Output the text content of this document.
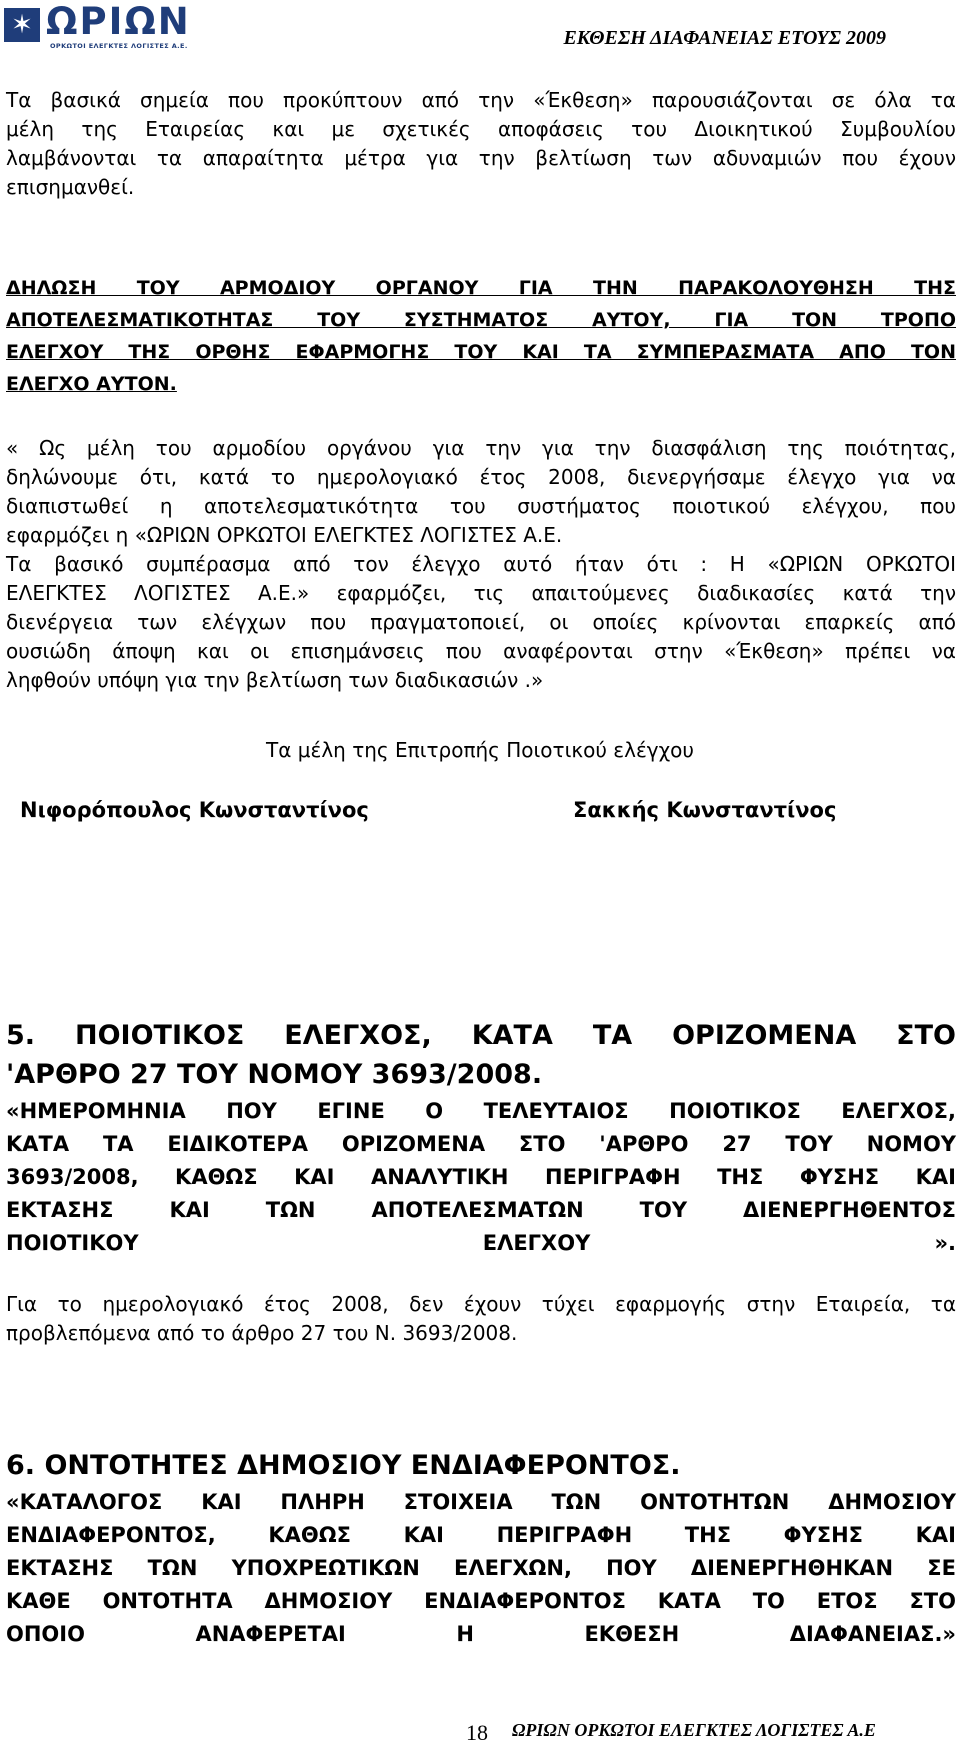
✶ ΩΡΙΩΝ
ΟΡΚΩΤΟΙ ΕΛΕΓΚΤΕΣ ΛΟΓΙΣΤΕΣ Α.Ε.	ΕΚΘΕΣΗ ΔΙΑΦΑΝΕΙΑΣ ΕΤΟΥΣ 2009
Τα βασικά σημεία που προκύπτουν από την «Έκθεση» παρουσιάζονται σε όλα τα
μέλη της Εταιρείας και με σχετικές αποφάσεις του Διοικητικού Συμβουλίου
λαμβάνονται τα απαραίτητα μέτρα για την βελτίωση των αδυναμιών που έχουν
επισημανθεί.
ΔΗΛΩΣΗ ΤΟΥ ΑΡΜΟΔΙΟΥ ΟΡΓΑΝΟΥ ΓΙΑ ΤΗΝ ΠΑΡΑΚΟΛΟΥΘΗΣΗ ΤΗΣ
ΑΠΟΤΕΛΕΣΜΑΤΙΚΟΤΗΤΑΣ ΤΟΥ ΣΥΣΤΗΜΑΤΟΣ ΑΥΤΟΥ, ΓΙΑ ΤΟΝ ΤΡΟΠΟ
ΕΛΕΓΧΟΥ ΤΗΣ ΟΡΘΗΣ ΕΦΑΡΜΟΓΗΣ ΤΟΥ ΚΑΙ ΤΑ ΣΥΜΠΕΡΑΣΜΑΤΑ ΑΠΟ ΤΟΝ
ΕΛΕΓΧΟ ΑΥΤΟΝ.
« Ως μέλη του αρμοδίου οργάνου για την για την διασφάλιση της ποιότητας,
δηλώνουμε ότι, κατά το ημερολογιακό έτος 2008, διενεργήσαμε έλεγχο για να
διαπιστωθεί η αποτελεσματικότητα του συστήματος ποιοτικού ελέγχου, που
εφαρμόζει η «ΩΡΙΩΝ ΟΡΚΩΤΟΙ ΕΛΕΓΚΤΕΣ ΛΟΓΙΣΤΕΣ Α.Ε.
Τα βασικό συμπέρασμα από τον έλεγχο αυτό ήταν ότι : Η «ΩΡΙΩΝ ΟΡΚΩΤΟΙ
ΕΛΕΓΚΤΕΣ ΛΟΓΙΣΤΕΣ Α.Ε.» εφαρμόζει, τις απαιτούμενες διαδικασίες κατά την
διενέργεια των ελέγχων που πραγματοποιεί, οι οποίες κρίνονται επαρκείς από
ουσιώδη άποψη και οι επισημάνσεις που αναφέρονται στην «Έκθεση» πρέπει να
ληφθούν υπόψη για την βελτίωση των διαδικασιών .»
Τα μέλη της Επιτροπής Ποιοτικού ελέγχου
Νιφορόπουλος Κωνσταντίνος	Σακκής Κωνσταντίνος
5. ΠΟΙΟΤΙΚΟΣ ΕΛΕΓΧΟΣ, ΚΑΤΑ ΤΑ ΟΡΙΖΟΜΕΝΑ ΣΤΟ
'ΑΡΘΡΟ 27 ΤΟΥ ΝΟΜΟΥ 3693/2008.
«ΗΜΕΡΟΜΗΝΙΑ ΠΟΥ ΕΓΙΝΕ Ο ΤΕΛΕΥΤΑΙΟΣ ΠΟΙΟΤΙΚΟΣ ΕΛΕΓΧΟΣ,
ΚΑΤΑ ΤΑ ΕΙΔΙΚΟΤΕΡΑ ΟΡΙΖΟΜΕΝΑ ΣΤΟ 'ΑΡΘΡΟ 27 ΤΟΥ ΝΟΜΟΥ
3693/2008, ΚΑΘΩΣ ΚΑΙ ΑΝΑΛΥΤΙΚΗ ΠΕΡΙΓΡΑΦΗ ΤΗΣ ΦΥΣΗΣ ΚΑΙ
ΕΚΤΑΣΗΣ ΚΑΙ ΤΩΝ ΑΠΟΤΕΛΕΣΜΑΤΩΝ ΤΟΥ ΔΙΕΝΕΡΓΗΘΕΝΤΟΣ
ΠΟΙΟΤΙΚΟΥ ΕΛΕΓΧΟΥ ».
Για το ημερολογιακό έτος 2008, δεν έχουν τύχει εφαρμογής στην Εταιρεία, τα
προβλεπόμενα από το άρθρο 27 του Ν. 3693/2008.
6. ΟΝΤΟΤΗΤΕΣ ΔΗΜΟΣΙΟΥ ΕΝΔΙΑΦΕΡΟΝΤΟΣ.
«ΚΑΤΑΛΟΓΟΣ ΚΑΙ ΠΛΗΡΗ ΣΤΟΙΧΕΙΑ ΤΩΝ ΟΝΤΟΤΗΤΩΝ ΔΗΜΟΣΙΟΥ
ΕΝΔΙΑΦΕΡΟΝΤΟΣ, ΚΑΘΩΣ ΚΑΙ ΠΕΡΙΓΡΑΦΗ ΤΗΣ ΦΥΣΗΣ ΚΑΙ
ΕΚΤΑΣΗΣ ΤΩΝ ΥΠΟΧΡΕΩΤΙΚΩΝ ΕΛΕΓΧΩΝ, ΠΟΥ ΔΙΕΝΕΡΓΗΘΗΚΑΝ ΣΕ
ΚΑΘΕ ΟΝΤΟΤΗΤΑ ΔΗΜΟΣΙΟΥ ΕΝΔΙΑΦΕΡΟΝΤΟΣ ΚΑΤΑ ΤΟ ΕΤΟΣ ΣΤΟ
ΟΠΟΙΟ ΑΝΑΦΕΡΕΤΑΙ Η ΕΚΘΕΣΗ ΔΙΑΦΑΝΕΙΑΣ.»
18 ΩΡΙΩΝ ΟΡΚΩΤΟΙ ΕΛΕΓΚΤΕΣ ΛΟΓΙΣΤΕΣ Α.Ε
